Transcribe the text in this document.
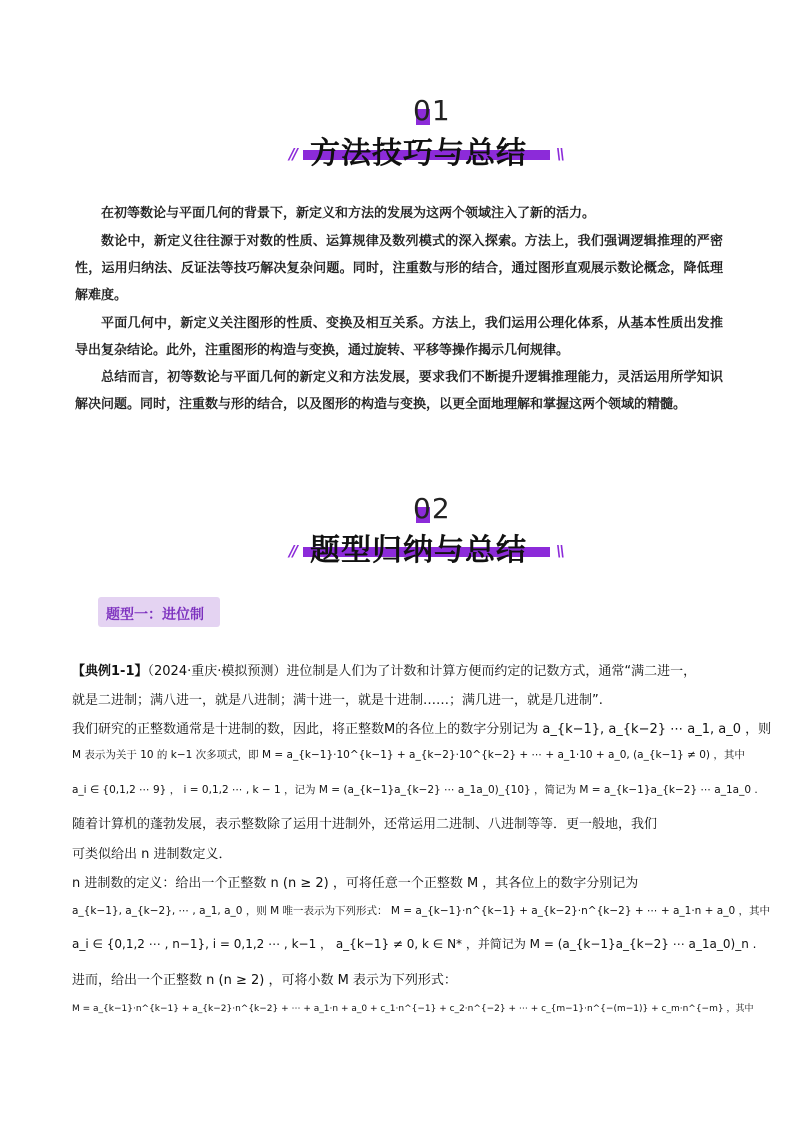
01
方法技巧与总结
//	\\

在初等数论与平面几何的背景下，新定义和方法的发展为这两个领域注入了新的活力。

数论中，新定义往往源于对数的性质、运算规律及数列模式的深入探索。方法上，我们强调逻辑推理的严密性，运用归纳法、反证法等技巧解决复杂问题。同时，注重数与形的结合，通过图形直观展示数论概念，降低理解难度。

平面几何中，新定义关注图形的性质、变换及相互关系。方法上，我们运用公理化体系，从基本性质出发推导出复杂结论。此外，注重图形的构造与变换，通过旋转、平移等操作揭示几何规律。

总结而言，初等数论与平面几何的新定义和方法发展，要求我们不断提升逻辑推理能力，灵活运用所学知识解决问题。同时，注重数与形的结合，以及图形的构造与变换，以更全面地理解和掌握这两个领域的精髓。

02
题型归纳与总结
//	\\
题型一：进位制
【典例1-1】（2024·重庆·模拟预测）进位制是人们为了计数和计算方便而约定的记数方式，通常“满二进一，
就是二进制；满八进一，就是八进制；满十进一，就是十进制……；满几进一，就是几进制”.
我们研究的正整数通常是十进制的数，因此，将正整数M的各位上的数字分别记为 a_{k−1}, a_{k−2} ⋯ a_1, a_0 ，则
M 表示为关于 10 的 k−1 次多项式，即 M = a_{k−1}·10^{k−1} + a_{k−2}·10^{k−2} + ⋯ + a_1·10 + a_0, (a_{k−1} ≠ 0) ，其中
a_i ∈ {0,1,2 ⋯ 9} ， i = 0,1,2 ⋯ , k − 1 ，记为 M = (a_{k−1}a_{k−2} ⋯ a_1a_0)_{10} ，简记为 M = a_{k−1}a_{k−2} ⋯ a_1a_0 .
随着计算机的蓬勃发展，表示整数除了运用十进制外，还常运用二进制、八进制等等．更一般地，我们
可类似给出 n 进制数定义．
n 进制数的定义：给出一个正整数 n (n ≥ 2) ，可将任意一个正整数 M ，其各位上的数字分别记为
a_{k−1}, a_{k−2}, ⋯ , a_1, a_0 ，则 M 唯一表示为下列形式： M = a_{k−1}·n^{k−1} + a_{k−2}·n^{k−2} + ⋯ + a_1·n + a_0 ，其中
a_i ∈ {0,1,2 ⋯ , n−1}, i = 0,1,2 ⋯ , k−1 ， a_{k−1} ≠ 0, k ∈ N* ，并简记为 M = (a_{k−1}a_{k−2} ⋯ a_1a_0)_n .
进而，给出一个正整数 n (n ≥ 2) ，可将小数 M 表示为下列形式：
M = a_{k−1}·n^{k−1} + a_{k−2}·n^{k−2} + ⋯ + a_1·n + a_0 + c_1·n^{−1} + c_2·n^{−2} + ⋯ + c_{m−1}·n^{−(m−1)} + c_m·n^{−m} ，其中
